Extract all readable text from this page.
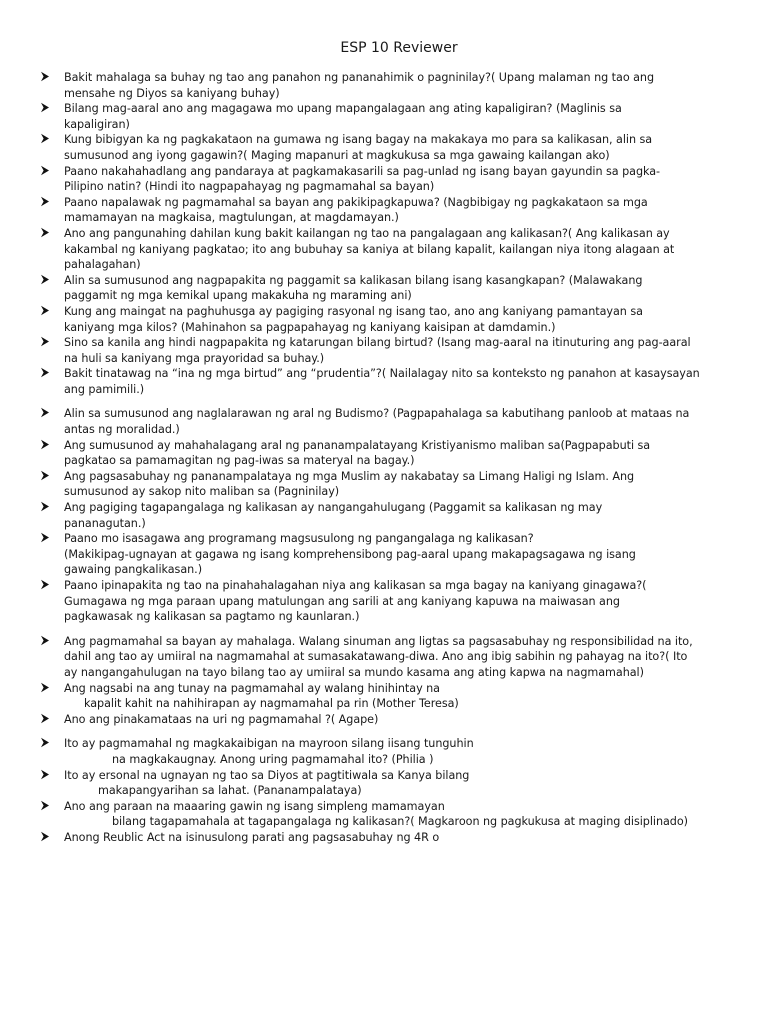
ESP 10 Reviewer
Bakit mahalaga sa buhay ng tao ang panahon ng pananahimik o pagninilay?( Upang malaman ng tao ang
mensahe ng Diyos sa kaniyang buhay)
Bilang mag-aaral ano ang magagawa mo upang mapangalagaan ang ating kapaligiran? (Maglinis sa
kapaligiran)
Kung bibigyan ka ng pagkakataon na gumawa ng isang bagay na makakaya mo para sa kalikasan, alin sa
sumusunod ang iyong gagawin?( Maging mapanuri at magkukusa sa mga gawaing kailangan ako)
Paano nakahahadlang ang pandaraya at pagkamakasarili sa pag-unlad ng isang bayan gayundin sa pagka-
Pilipino natin? (Hindi ito nagpapahayag ng pagmamahal sa bayan)
Paano napalawak ng pagmamahal sa bayan ang pakikipagkapuwa? (Nagbibigay ng pagkakataon sa mga
mamamayan na magkaisa, magtulungan, at magdamayan.)
Ano ang pangunahing dahilan kung bakit kailangan ng tao na pangalagaan ang kalikasan?( Ang kalikasan ay
kakambal ng kaniyang pagkatao; ito ang bubuhay sa kaniya at bilang kapalit, kailangan niya itong alagaan at
pahalagahan)
Alin sa sumusunod ang nagpapakita ng paggamit sa kalikasan bilang isang kasangkapan? (Malawakang
paggamit ng mga kemikal upang makakuha ng maraming ani)
Kung ang maingat na paghuhusga ay pagiging rasyonal ng isang tao, ano ang kaniyang pamantayan sa
kaniyang mga kilos? (Mahinahon sa pagpapahayag ng kaniyang kaisipan at damdamin.)
Sino sa kanila ang hindi nagpapakita ng katarungan bilang birtud? (Isang mag-aaral na itinuturing ang pag-aaral
na huli sa kaniyang mga prayoridad sa buhay.)
Bakit tinatawag na “ina ng mga birtud” ang “prudentia”?( Nailalagay nito sa konteksto ng panahon at kasaysayan
ang pamimili.)
Alin sa sumusunod ang naglalarawan ng aral ng Budismo? (Pagpapahalaga sa kabutihang panloob at mataas na
antas ng moralidad.)
Ang sumusunod ay mahahalagang aral ng pananampalatayang Kristiyanismo maliban sa(Pagpapabuti sa
pagkatao sa pamamagitan ng pag-iwas sa materyal na bagay.)
Ang pagsasabuhay ng pananampalataya ng mga Muslim ay nakabatay sa Limang Haligi ng Islam. Ang
sumusunod ay sakop nito maliban sa (Pagninilay)
Ang pagiging tagapangalaga ng kalikasan ay nangangahulugang (Paggamit sa kalikasan ng may
pananagutan.)
Paano mo isasagawa ang programang magsusulong ng pangangalaga ng kalikasan?
(Makikipag-ugnayan at gagawa ng isang komprehensibong pag-aaral upang makapagsagawa ng isang
gawaing pangkalikasan.)
Paano ipinapakita ng tao na pinahahalagahan niya ang kalikasan sa mga bagay na kaniyang ginagawa?(
Gumagawa ng mga paraan upang matulungan ang sarili at ang kaniyang kapuwa na maiwasan ang
pagkawasak ng kalikasan sa pagtamo ng kaunlaran.)
Ang pagmamahal sa bayan ay mahalaga. Walang sinuman ang ligtas sa pagsasabuhay ng responsibilidad na ito,
dahil ang tao ay umiiral na nagmamahal at sumasakatawang-diwa. Ano ang ibig sabihin ng pahayag na ito?( Ito
ay nangangahulugan na tayo bilang tao ay umiiral sa mundo kasama ang ating kapwa na nagmamahal)
Ang nagsabi na ang tunay na pagmamahal ay walang hinihintay na
kapalit kahit na nahihirapan ay nagmamahal pa rin (Mother Teresa)
Ano ang pinakamataas na uri ng pagmamahal ?( Agape)
Ito ay pagmamahal ng magkakaibigan na mayroon silang iisang tunguhin
na magkakaugnay. Anong uring pagmamahal ito? (Philia )
Ito ay ersonal na ugnayan ng tao sa Diyos at pagtitiwala sa Kanya bilang
makapangyarihan sa lahat. (Pananampalataya)
Ano ang paraan na maaaring gawin ng isang simpleng mamamayan
bilang tagapamahala at tagapangalaga ng kalikasan?( Magkaroon ng pagkukusa at maging disiplinado)
Anong Reublic Act na isinusulong parati ang pagsasabuhay ng 4R o
